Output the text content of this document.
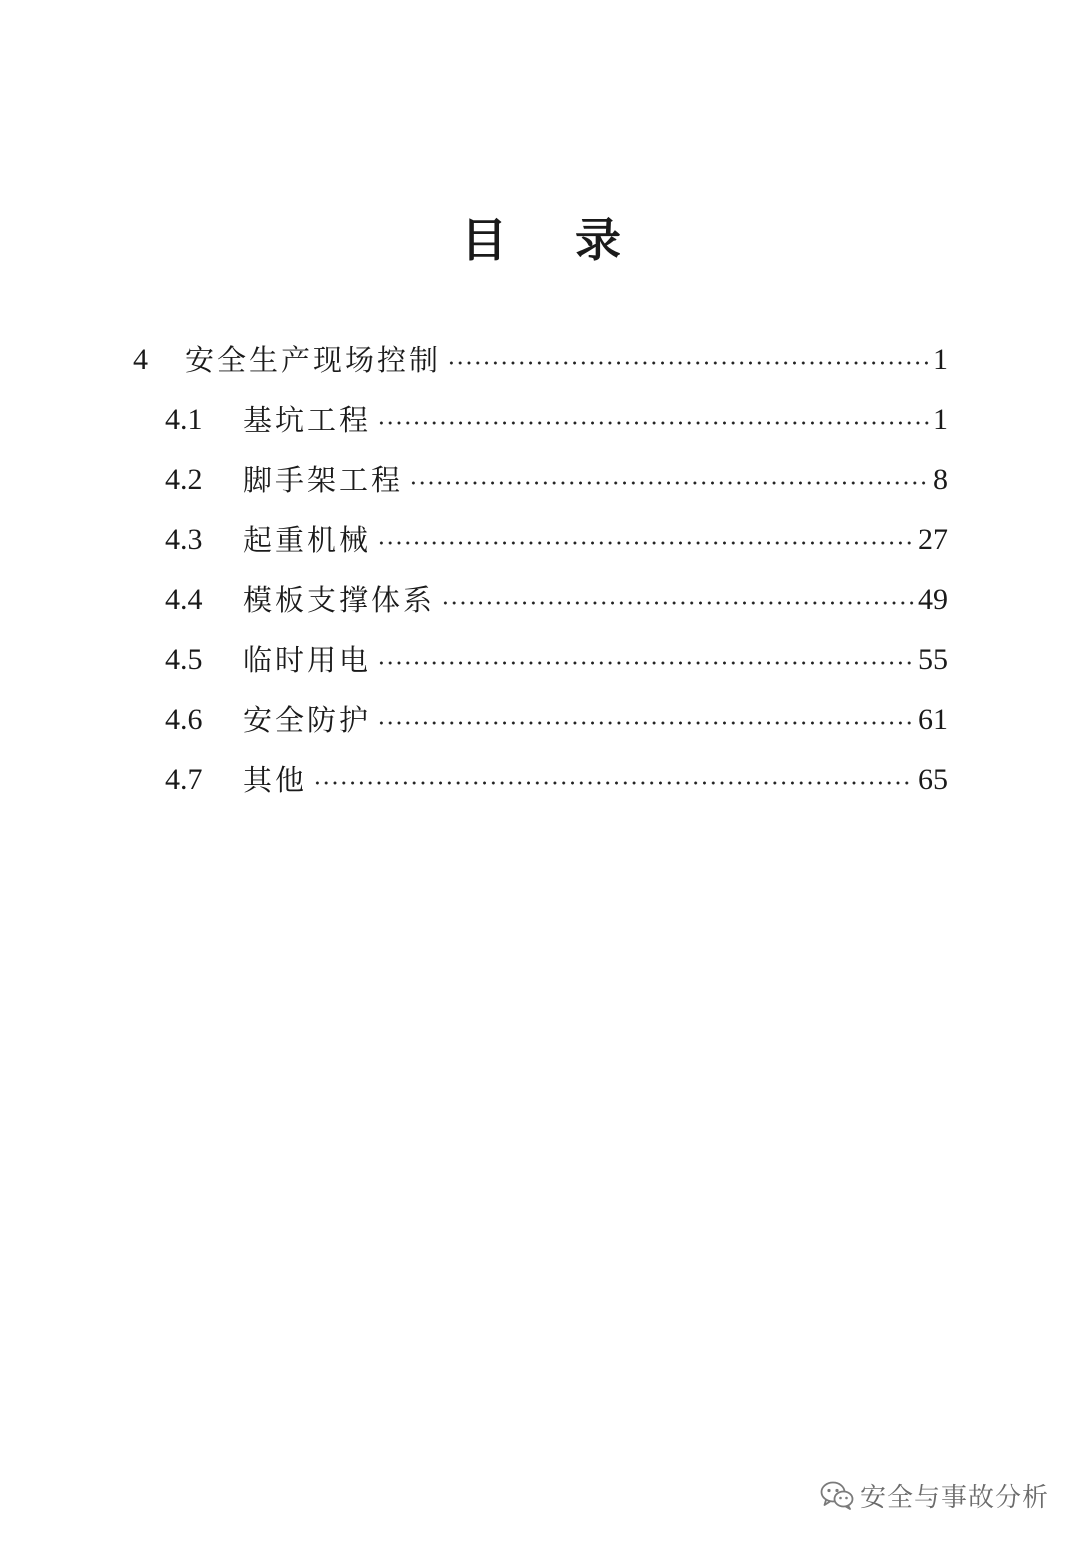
目 录
4	安全生产现场控制	1
4.1	基坑工程	1
4.2	脚手架工程	8
4.3	起重机械	27
4.4	模板支撑体系	49
4.5	临时用电	55
4.6	安全防护	61
4.7	其他	65
安全与事故分析
